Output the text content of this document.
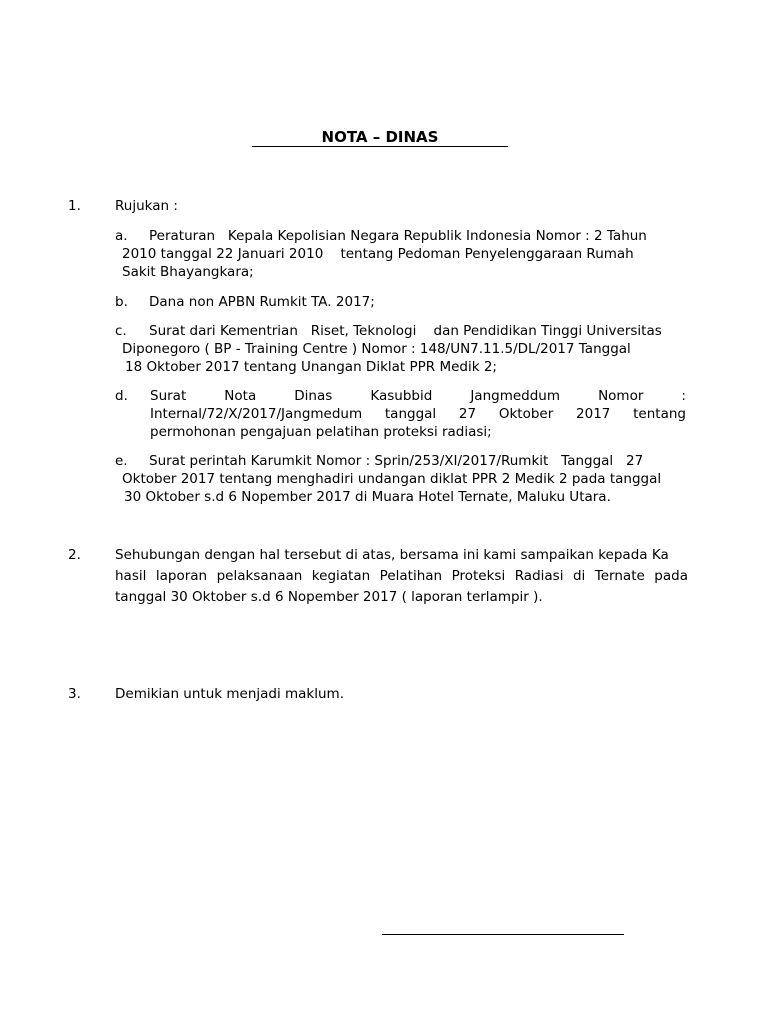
NOTA – DINAS
1.	Rujukan :
a.	Peraturan   Kepala Kepolisian Negara Republik Indonesia Nomor : 2 Tahun
2010 tanggal 22 Januari 2010    tentang Pedoman Penyelenggaraan Rumah
Sakit Bhayangkara;
b. Dana non APBN Rumkit TA. 2017;
c.	Surat dari Kementrian   Riset, Teknologi    dan Pendidikan Tinggi Universitas
Diponegoro ( BP - Training Centre ) Nomor : 148/UN7.11.5/DL/2017 Tanggal
18 Oktober 2017 tentang Unangan Diklat PPR Medik 2;
d. Surat Nota Dinas Kasubbid Jangmeddum Nomor :
Internal/72/X/2017/Jangmedum tanggal 27 Oktober 2017 tentang
permohonan pengajuan pelatihan proteksi radiasi;
e.	Surat perintah Karumkit Nomor : Sprin/253/XI/2017/Rumkit   Tanggal   27
Oktober 2017 tentang menghadiri undangan diklat PPR 2 Medik 2 pada tanggal
30 Oktober s.d 6 Nopember 2017 di Muara Hotel Ternate, Maluku Utara.
2.	Sehubungan dengan hal tersebut di atas, bersama ini kami sampaikan kepada Ka
hasil laporan pelaksanaan kegiatan Pelatihan Proteksi Radiasi di Ternate pada
tanggal 30 Oktober s.d 6 Nopember 2017 ( laporan terlampir ).
3.	Demikian untuk menjadi maklum.
